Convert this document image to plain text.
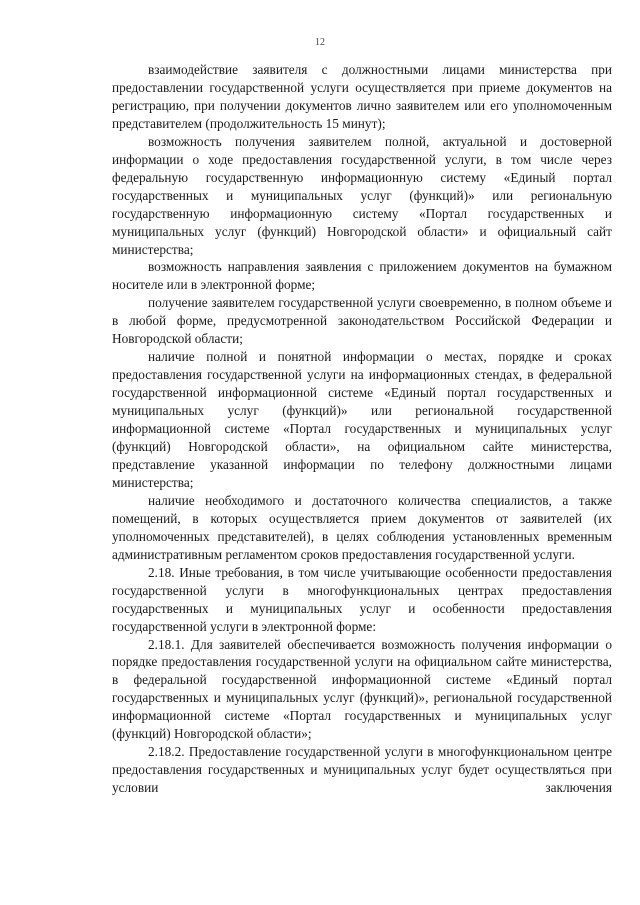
12

взаимодействие заявителя с должностными лицами министерства при предоставлении государственной услуги осуществляется при приеме документов на регистрацию, при получении документов лично заявителем или его уполномоченным представителем (продолжительность 15 минут);

возможность получения заявителем полной, актуальной и достоверной информации о ходе предоставления государственной услуги, в том числе через федеральную государственную информационную систему «Единый портал государственных и муниципальных услуг (функций)» или региональную государственную информационную систему «Портал государственных и муниципальных услуг (функций) Новгородской области» и официальный сайт министерства;

возможность направления заявления с приложением документов на бумажном носителе или в электронной форме;

получение заявителем государственной услуги своевременно, в полном объеме и в любой форме, предусмотренной законодательством Российской Федерации и Новгородской области;

наличие полной и понятной информации о местах, порядке и сроках предоставления государственной услуги на информационных стендах, в федеральной государственной информационной системе «Единый портал государственных и муниципальных услуг (функций)» или региональной государственной информационной системе «Портал государственных и муниципальных услуг (функций) Новгородской области», на официальном сайте министерства, представление указанной информации по телефону должностными лицами министерства;

наличие необходимого и достаточного количества специалистов, а также помещений, в которых осуществляется прием документов от заявителей (их уполномоченных представителей), в целях соблюдения установленных временным административным регламентом сроков предоставления государственной услуги.

2.18. Иные требования, в том числе учитывающие особенности предоставления государственной услуги в многофункциональных центрах предоставления государственных и муниципальных услуг и особенности предоставления государственной услуги в электронной форме:

2.18.1. Для заявителей обеспечивается возможность получения информации о порядке предоставления государственной услуги на официальном сайте министерства, в федеральной государственной информационной системе «Единый портал государственных и муниципальных услуг (функций)», региональной государственной информационной системе «Портал государственных и муниципальных услуг (функций) Новгородской области»;

2.18.2. Предоставление государственной услуги в многофункциональном центре предоставления государственных и муниципальных услуг будет осуществляться при условии заключения
